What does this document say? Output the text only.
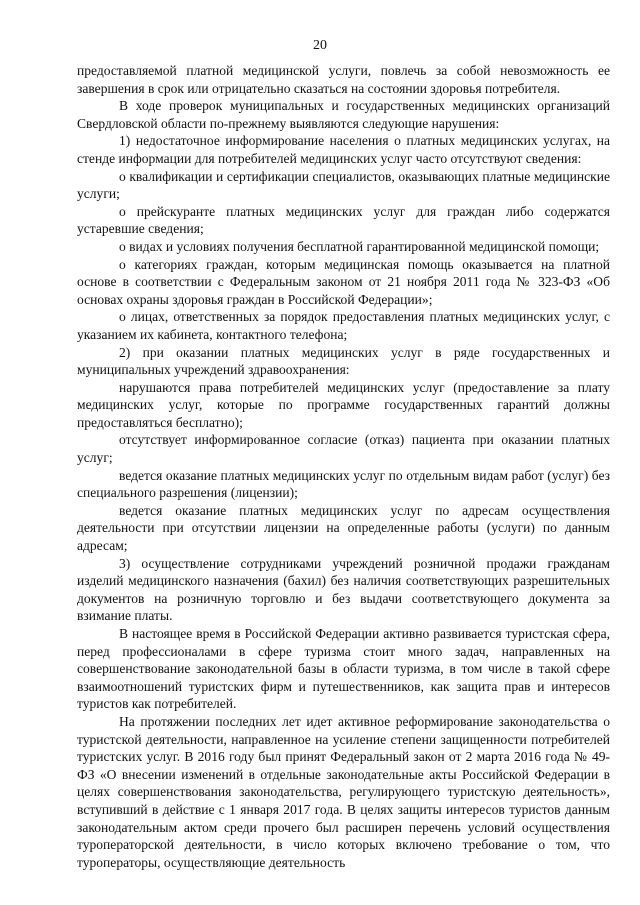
20

предоставляемой платной медицинской услуги, повлечь за собой невозможность ее завершения в срок или отрицательно сказаться на состоянии здоровья потребителя.

В ходе проверок муниципальных и государственных медицинских организаций Свердловской области по-прежнему выявляются следующие нарушения:

1) недостаточное информирование населения о платных медицинских услугах, на стенде информации для потребителей медицинских услуг часто отсутствуют сведения:

о квалификации и сертификации специалистов, оказывающих платные медицинские услуги;

о прейскуранте платных медицинских услуг для граждан либо содержатся устаревшие сведения;

о видах и условиях получения бесплатной гарантированной медицинской помощи;

о категориях граждан, которым медицинская помощь оказывается на платной основе в соответствии с Федеральным законом от 21 ноября 2011 года № 323-ФЗ «Об основах охраны здоровья граждан в Российской Федерации»;

о лицах, ответственных за порядок предоставления платных медицинских услуг, с указанием их кабинета, контактного телефона;

2) при оказании платных медицинских услуг в ряде государственных и муниципальных учреждений здравоохранения:

нарушаются права потребителей медицинских услуг (предоставление за плату медицинских услуг, которые по программе государственных гарантий должны предоставляться бесплатно);

отсутствует информированное согласие (отказ) пациента при оказании платных услуг;

ведется оказание платных медицинских услуг по отдельным видам работ (услуг) без специального разрешения (лицензии);

ведется оказание платных медицинских услуг по адресам осуществления деятельности при отсутствии лицензии на определенные работы (услуги) по данным адресам;

3) осуществление сотрудниками учреждений розничной продажи гражданам изделий медицинского назначения (бахил) без наличия соответствующих разрешительных документов на розничную торговлю и без выдачи соответствующего документа за взимание платы.

В настоящее время в Российской Федерации активно развивается туристская сфера, перед профессионалами в сфере туризма стоит много задач, направленных на совершенствование законодательной базы в области туризма, в том числе в такой сфере взаимоотношений туристских фирм и путешественников, как защита прав и интересов туристов как потребителей.

На протяжении последних лет идет активное реформирование законодательства о туристской деятельности, направленное на усиление степени защищенности потребителей туристских услуг. В 2016 году был принят Федеральный закон от 2 марта 2016 года № 49-ФЗ «О внесении изменений в отдельные законодательные акты Российской Федерации в целях совершенствования законодательства, регулирующего туристскую деятельность», вступивший в действие с 1 января 2017 года. В целях защиты интересов туристов данным законодательным актом среди прочего был расширен перечень условий осуществления туроператорской деятельности, в число которых включено требование о том, что туроператоры, осуществляющие деятельность
